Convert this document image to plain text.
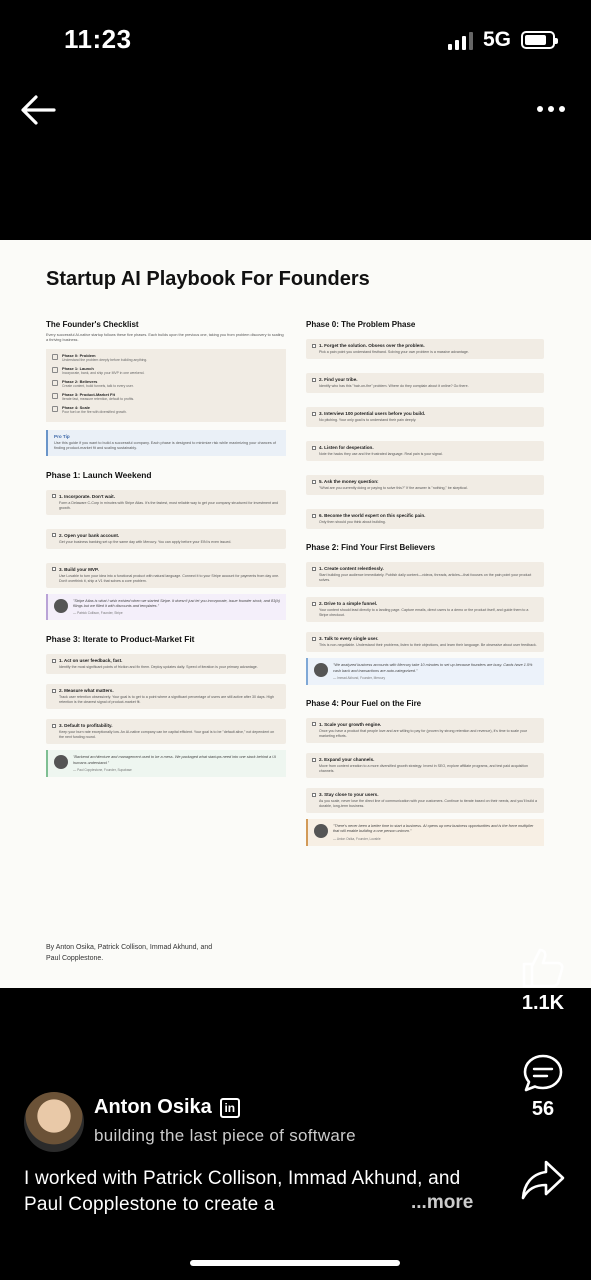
11:23	5G
Startup AI Playbook For Founders
The Founder's Checklist
Every successful AI-native startup follows these five phases. Each builds upon the previous one, taking you from problem discovery to scaling a thriving business.
Phase 0: Problem
Understand the problem deeply before building anything.
Phase 1: Launch
Incorporate, bank, and ship your MVP in one weekend.
Phase 2: Believers
Create content, build funnels, talk to every user.
Phase 3: Product-Market Fit
Iterate fast, measure retention, default to profits.
Phase 4: Scale
Pour fuel on the fire with diversified growth.
Pro Tip
Use this guide if you want to build a successful company. Each phase is designed to minimize risk while maximizing your chances of finding product-market fit and scaling sustainably.
Phase 1: Launch Weekend
1. Incorporate. Don't wait.
Form a Delaware C-Corp in minutes with Stripe Atlas. It's the fastest, most reliable way to get your company structured for investment and growth.
2. Open your bank account.
Get your business banking set up the same day with Mercury. You can apply before your EIN is even issued.
3. Build your MVP.
Use Lovable to turn your idea into a functional product with natural language. Connect it to your Stripe account for payments from day one. Don't overthink it, ship a V1 that solves a core problem.
"Stripe Atlas is what I wish existed when we started Stripe. It doesn't just let you incorporate, issue founder stock, and 83(b) filings but we filled it with discounts and templates."
— Patrick Collison, Founder, Stripe
Phase 3: Iterate to Product-Market Fit
1. Act on user feedback, fast.
Identify the most significant points of friction and fix them. Deploy updates daily. Speed of iteration is your primary advantage.
2. Measure what matters.
Track user retention obsessively. Your goal is to get to a point where a significant percentage of users are still active after 30 days. High retention is the clearest signal of product-market fit.
3. Default to profitability.
Keep your burn rate exceptionally low. An AI-native company can be capital efficient. Your goal is to be "default alive," not dependent on the next funding round.
"Backend architecture and management used to be a mess. We packaged what startups need into one stack behind a UI humans understand."
— Paul Copplestone, Founder, Supabase
Phase 0: The Problem Phase
1. Forget the solution. Obsess over the problem.
Pick a pain point you understand firsthand. Solving your own problem is a massive advantage.
2. Find your tribe.
Identify who has this "hair-on-fire" problem. Where do they complain about it online? Go there.
3. Interview 100 potential users before you build.
No pitching. Your only goal is to understand their pain deeply.
4. Listen for desperation.
Note the hacks they use and the frustrated language. Real pain is your signal.
5. Ask the money question:
"What are you currently doing or paying to solve this?" If the answer is "nothing," be skeptical.
6. Become the world expert on this specific pain.
Only then should you think about building.
Phase 2: Find Your First Believers
1. Create content relentlessly.
Start building your audience immediately. Publish daily content—videos, threads, articles—that focuses on the pain point your product solves.
2. Drive to a simple funnel.
Your content should lead directly to a landing page. Capture emails, direct users to a demo or the product itself, and guide them to a Stripe checkout.
3. Talk to every single user.
This is non-negotiable. Understand their problems, listen to their objections, and learn their language. Be obsessive about user feedback.
"We analyzed business accounts with Mercury take 10 minutes to set up because founders are busy. Cards have 1.5% cash back and transactions are auto-categorized."
— Immad Akhund, Founder, Mercury
Phase 4: Pour Fuel on the Fire
1. Scale your growth engine.
Once you have a product that people love and are willing to pay for (proven by strong retention and revenue), it's time to scale your marketing efforts.
2. Expand your channels.
Move from content creation to a more diversified growth strategy. Invest in SEO, explore affiliate programs, and test paid acquisition channels.
3. Stay close to your users.
As you scale, never lose the direct line of communication with your customers. Continue to iterate based on their needs, and you'll build a durable, long-term business.
"There's never been a better time to start a business. AI opens up new business opportunities and is the force multiplier that will enable building a one person unicorn."
— Anton Osika, Founder, Lovable
By Anton Osika, Patrick Collison, Immad Akhund, and Paul Copplestone.
1.1K
56
Anton Osika	in
building the last piece of software
I worked with Patrick Collison, Immad Akhund, and Paul Copplestone to create a	...more
